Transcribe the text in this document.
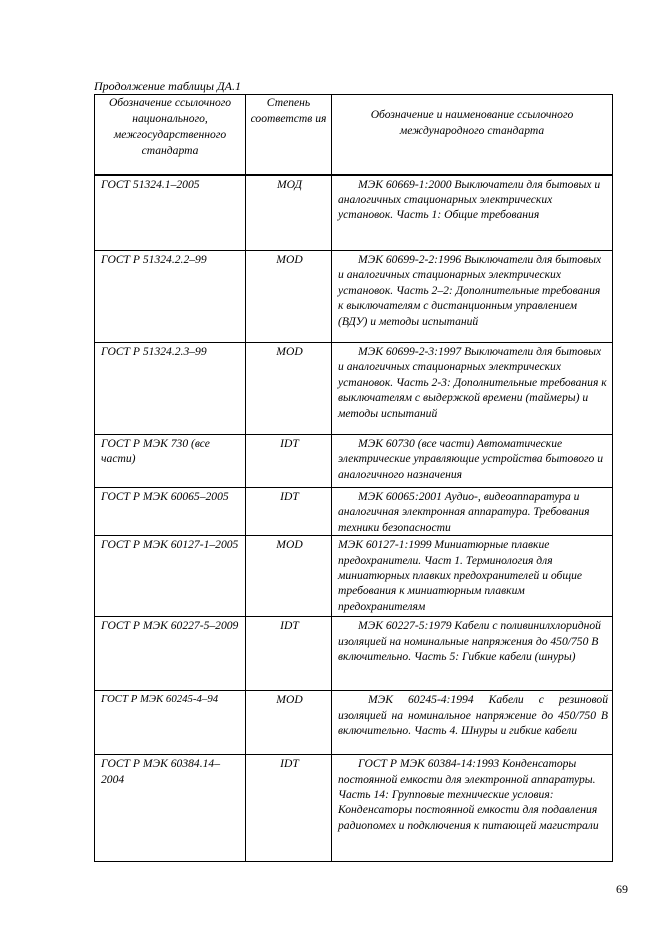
Продолжение таблицы ДА.1
Обозначение ссылочного национального, межгосударственного стандарта	Степень соответств ия	Обозначение и наименование ссылочного международного стандарта
ГОСТ 51324.1–2005	МОД	МЭК 60669-1:2000 Выключатели для бытовых и аналогичных стационарных электрических установок. Часть 1: Общие требования
ГОСТ Р 51324.2.2–99	MOD	МЭК 60699-2-2:1996 Выключатели для бытовых и аналогичных стационарных электрических установок. Часть 2–2: Дополнительные требования к выключателям с дистанционным управлением (ВДУ) и методы испытаний
ГОСТ Р 51324.2.3–99	MOD	МЭК 60699-2-3:1997 Выключатели для бытовых и аналогичных стационарных электрических установок. Часть 2-3: Дополнительные требования к выключателям с выдержкой времени (таймеры) и методы испытаний
ГОСТ Р МЭК 730 (все части)	IDT	МЭК 60730 (все части) Автоматические электрические управляющие устройства бытового и аналогичного назначения
ГОСТ Р МЭК 60065–2005	IDT	МЭК 60065:2001 Аудио-, видеоаппаратура и аналогичная электронная аппаратура. Требования техники безопасности
ГОСТ Р МЭК 60127-1–2005	MOD	МЭК 60127-1:1999 Миниатюрные плавкие предохранители. Част 1. Терминология для миниатюрных плавких предохранителей и общие требования к миниатюрным плавким предохранителям
ГОСТ Р МЭК 60227-5–2009	IDT	МЭК 60227-5:1979 Кабели с поливинилхлоридной изоляцией на номинальные напряжения до 450/750 В включительно. Часть 5: Гибкие кабели (шнуры)
ГОСТ Р МЭК 60245-4–94	MOD	МЭК 60245-4:1994 Кабели с резиновой изоляцией на номинальное напряжение до 450/750 В включительно. Часть 4. Шнуры и гибкие кабели
ГОСТ Р МЭК 60384.14–2004	IDT	ГОСТ Р МЭК 60384-14:1993 Конденсаторы постоянной емкости для электронной аппаратуры. Часть 14: Групповые технические условия: Конденсаторы постоянной емкости для подавления радиопомех и подключения к питающей магистрали
69
